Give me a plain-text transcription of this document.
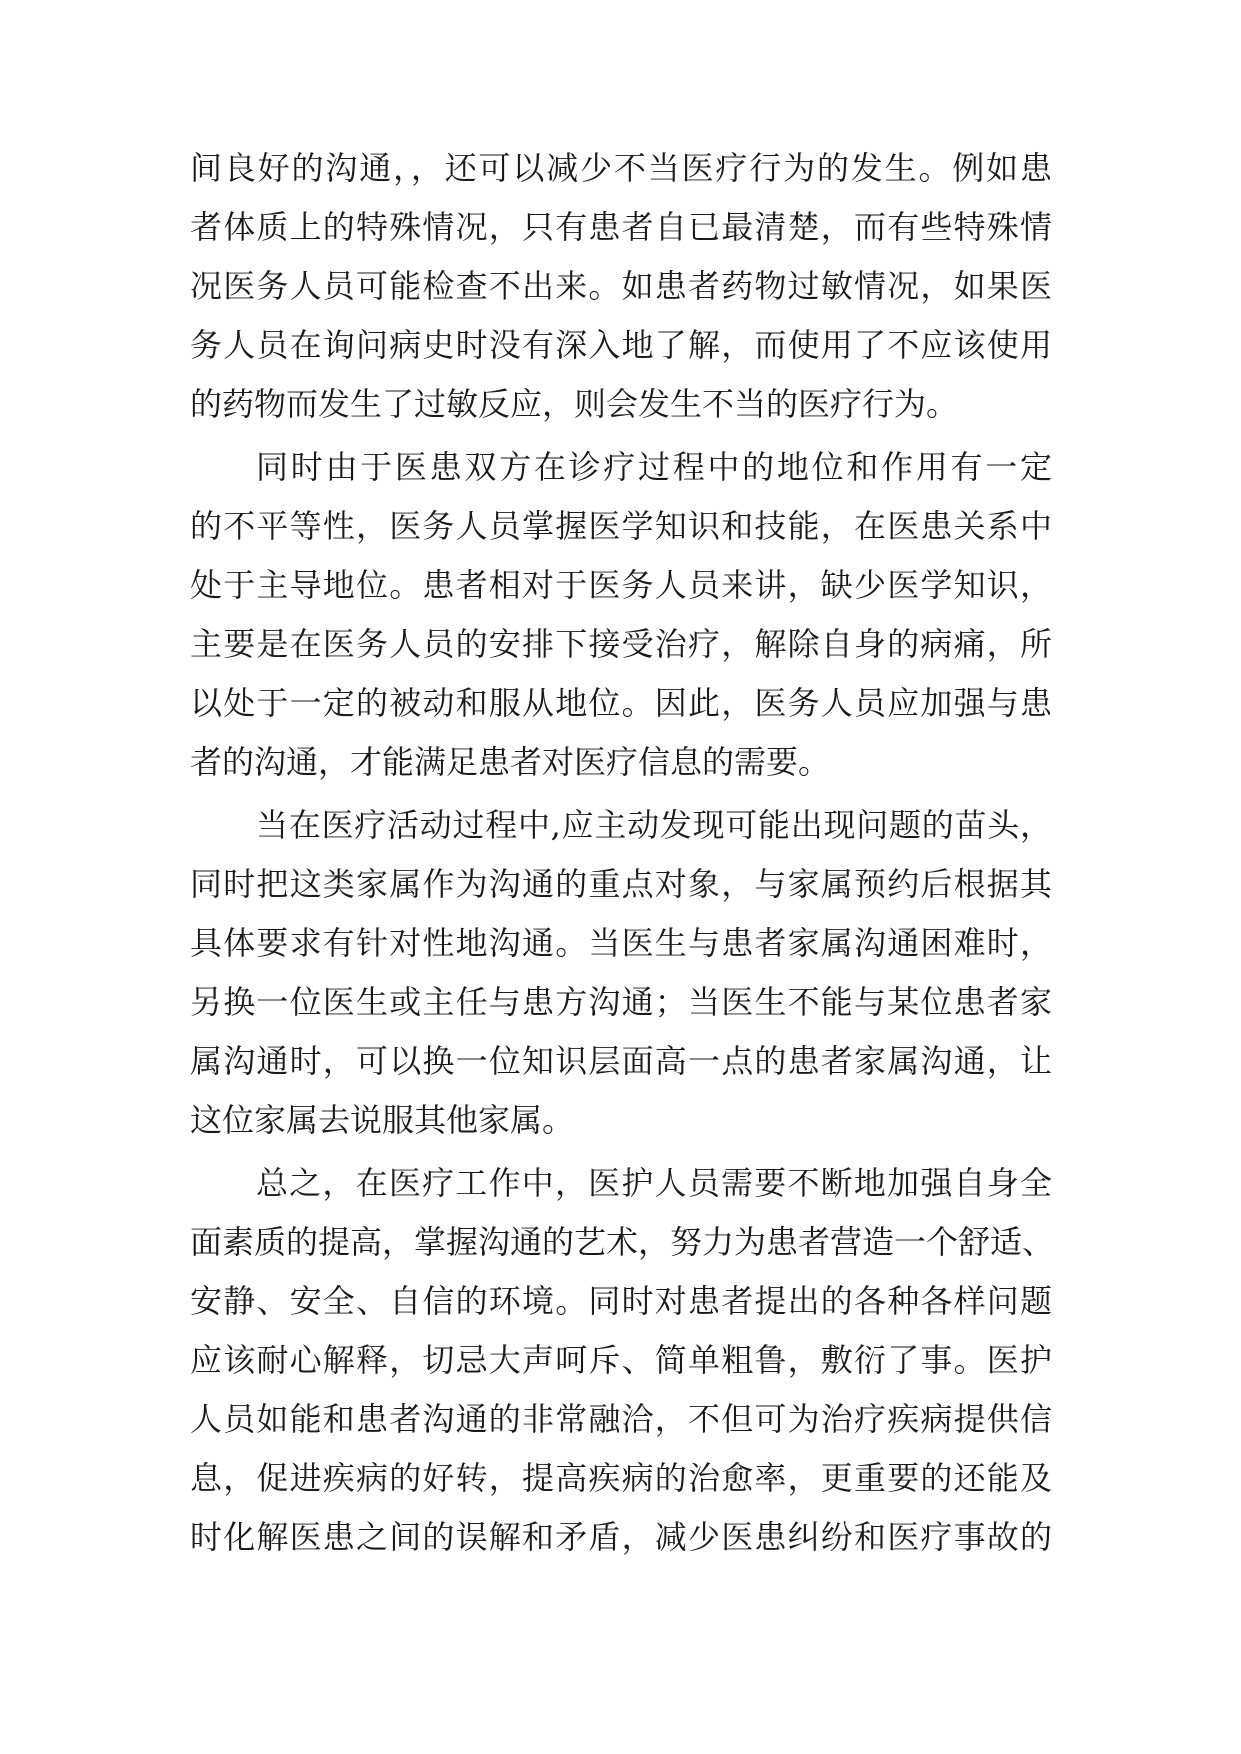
间良好的沟通，，还可以减少不当医疗行为的发生。例如患
者体质上的特殊情况，只有患者自已最清楚，而有些特殊情
况医务人员可能检查不出来。如患者药物过敏情况，如果医
务人员在询问病史时没有深入地了解，而使用了不应该使用
的药物而发生了过敏反应，则会发生不当的医疗行为。
同时由于医患双方在诊疗过程中的地位和作用有一定
的不平等性，医务人员掌握医学知识和技能，在医患关系中
处于主导地位。患者相对于医务人员来讲，缺少医学知识，
主要是在医务人员的安排下接受治疗，解除自身的病痛，所
以处于一定的被动和服从地位。因此，医务人员应加强与患
者的沟通，才能满足患者对医疗信息的需要。
当在医疗活动过程中,应主动发现可能出现问题的苗头，
同时把这类家属作为沟通的重点对象，与家属预约后根据其
具体要求有针对性地沟通。当医生与患者家属沟通困难时，
另换一位医生或主任与患方沟通；当医生不能与某位患者家
属沟通时，可以换一位知识层面高一点的患者家属沟通，让
这位家属去说服其他家属。
总之，在医疗工作中，医护人员需要不断地加强自身全
面素质的提高，掌握沟通的艺术，努力为患者营造一个舒适、
安静、安全、自信的环境。同时对患者提出的各种各样问题
应该耐心解释，切忌大声呵斥、简单粗鲁，敷衍了事。医护
人员如能和患者沟通的非常融洽，不但可为治疗疾病提供信
息，促进疾病的好转，提高疾病的治愈率，更重要的还能及
时化解医患之间的误解和矛盾，减少医患纠纷和医疗事故的
